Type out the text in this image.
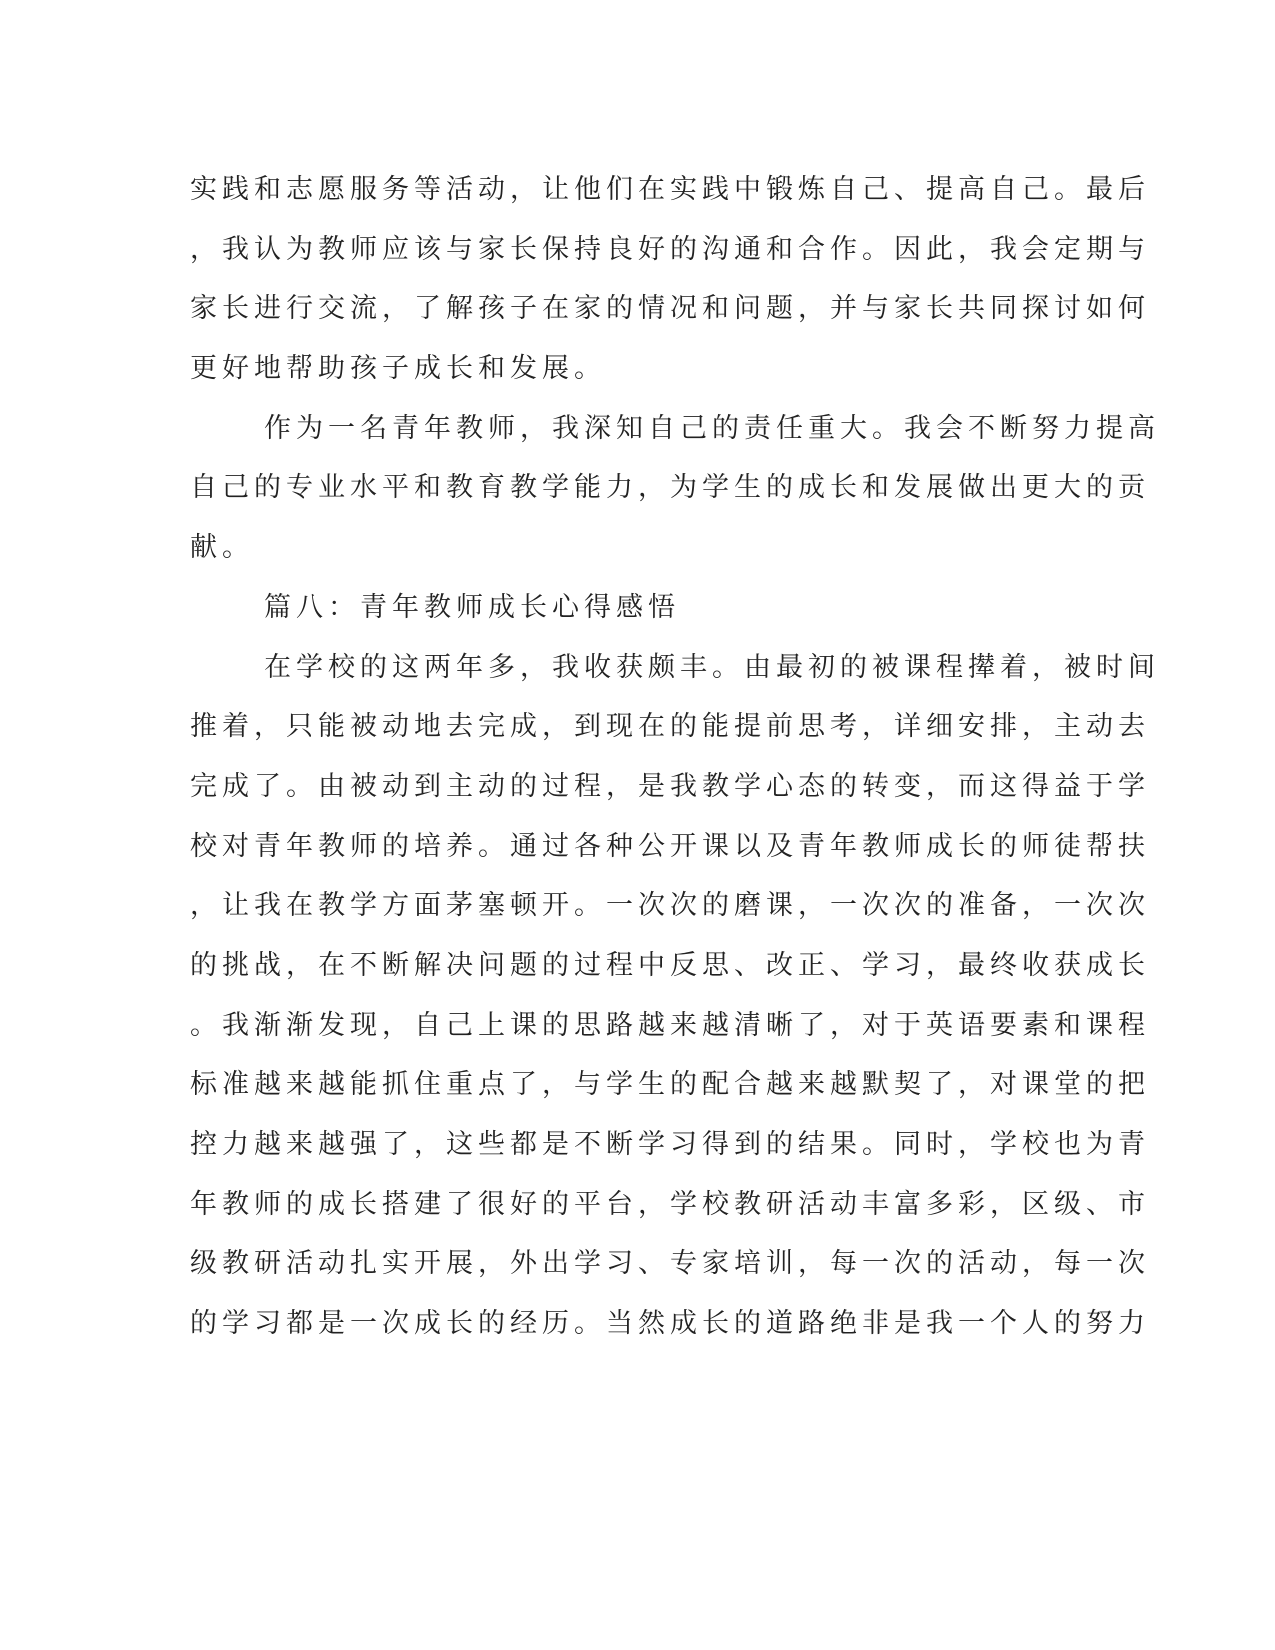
实践和志愿服务等活动，让他们在实践中锻炼自己、提高自己。最后
，我认为教师应该与家长保持良好的沟通和合作。因此，我会定期与
家长进行交流，了解孩子在家的情况和问题，并与家长共同探讨如何
更好地帮助孩子成长和发展。
作为一名青年教师，我深知自己的责任重大。我会不断努力提高
自己的专业水平和教育教学能力，为学生的成长和发展做出更大的贡
献。
篇八：青年教师成长心得感悟
在学校的这两年多，我收获颇丰。由最初的被课程撵着，被时间
推着，只能被动地去完成，到现在的能提前思考，详细安排，主动去
完成了。由被动到主动的过程，是我教学心态的转变，而这得益于学
校对青年教师的培养。通过各种公开课以及青年教师成长的师徒帮扶
，让我在教学方面茅塞顿开。一次次的磨课，一次次的准备，一次次
的挑战，在不断解决问题的过程中反思、改正、学习，最终收获成长
。我渐渐发现，自己上课的思路越来越清晰了，对于英语要素和课程
标准越来越能抓住重点了，与学生的配合越来越默契了，对课堂的把
控力越来越强了，这些都是不断学习得到的结果。同时，学校也为青
年教师的成长搭建了很好的平台，学校教研活动丰富多彩，区级、市
级教研活动扎实开展，外出学习、专家培训，每一次的活动，每一次
的学习都是一次成长的经历。当然成长的道路绝非是我一个人的努力
